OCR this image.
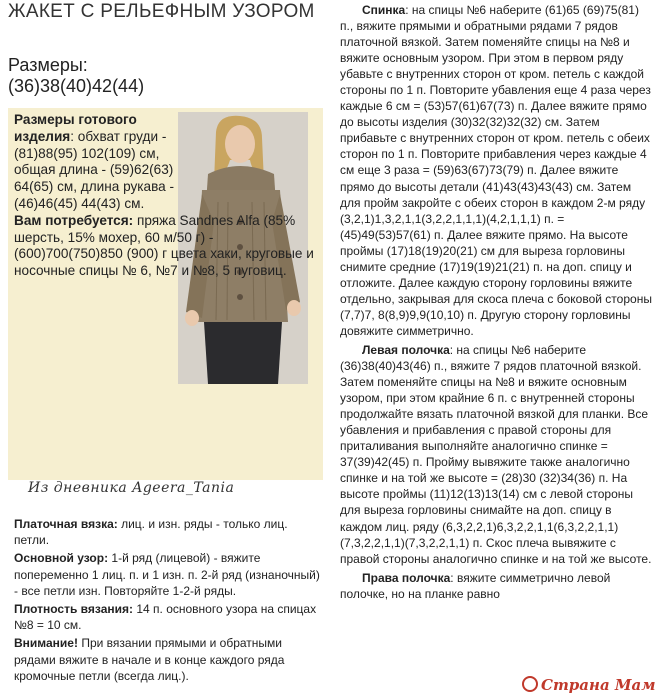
ЖАКЕТ С РЕЛЬЕФНЫМ УЗОРОМ
Размеры:
(36)38(40)42(44)
Размеры готового изделия: обхват груди - (81)88(95) 102(109) см, общая длина - (59)62(63) 64(65) см, длина рукава - (46)46(45) 44(43) см.
Вам потребуется: пряжа Sandnes Alfa (85% шерсть, 15% мохер, 60 м/50 г) - (600)700(750)850 (900) г цвета хаки, круговые и носочные спицы № 6, №7 и №8, 5 пуговиц.
Из дневника Ageera_Tania

Платочная вязка: лиц. и изн. ряды - только лиц. петли.

Основной узор: 1-й ряд (лицевой) - вяжите попеременно 1 лиц. п. и 1 изн. п. 2-й ряд (изнаночный) - все петли изн. Повторяйте 1-2-й ряды.

Плотность вязания: 14 п. основного узора на спицах №8 = 10 см.

Внимание! При вязании прямыми и обратными рядами вяжите в начале и в конце каждого ряда кромочные петли (всегда лиц.).

Спинка: на спицы №6 наберите (61)65 (69)75(81) п., вяжите прямыми и обратными рядами 7 рядов платочной вязкой. Затем поменяйте спицы на №8 и вяжите основным узором. При этом в первом ряду убавьте с внутренних сторон от кром. петель с каждой стороны по 1 п. Повторите убавления еще 4 раза через каждые 6 см = (53)57(61)67(73) п. Далее вяжите прямо до высоты изделия (30)32(32)32(32) см. Затем прибавьте с внутренних сторон от кром. петель с обеих сторон по 1 п. Повторите прибавления через каждые 4 см еще 3 раза = (59)63(67)73(79) п. Далее вяжите прямо до высоты детали (41)43(43)43(43) см. Затем для пройм закройте с обеих сторон в каждом 2-м ряду (3,2,1)1,3,2,1,1(3,2,2,1,1,1)(4,2,1,1,1) п. = (45)49(53)57(61) п. Далее вяжите прямо. На высоте проймы (17)18(19)20(21) см для выреза горловины снимите средние (17)19(19)21(21) п. на доп. спицу и отложите. Далее каждую сторону горловины вяжите отдельно, закрывая для скоса плеча с боковой стороны (7,7)7, 8(8,9)9,9(10,10) п. Другую сторону горловины довяжите симметрично.

Левая полочка: на спицы №6 наберите (36)38(40)43(46) п., вяжите 7 рядов платочной вязкой. Затем поменяйте спицы на №8 и вяжите основным узором, при этом крайние 6 п. с внутренней стороны продолжайте вязать платочной вязкой для планки. Все убавления и прибавления с правой стороны для приталивания выполняйте аналогично спинке = 37(39)42(45) п. Пройму вывяжите также аналогично спинке и на той же высоте = (28)30 (32)34(36) п. На высоте проймы (11)12(13)13(14) см с левой стороны для выреза горловины снимайте на доп. спицу в каждом лиц. ряду (6,3,2,2,1)6,3,2,2,1,1(6,3,2,2,1,1)(7,3,2,2,1,1)(7,3,2,2,1,1) п. Скос плеча вывяжите с правой стороны аналогично спинке и на той же высоте.

Права полочка: вяжите симметрично левой полочке, но на планке равно

Страна Мам
